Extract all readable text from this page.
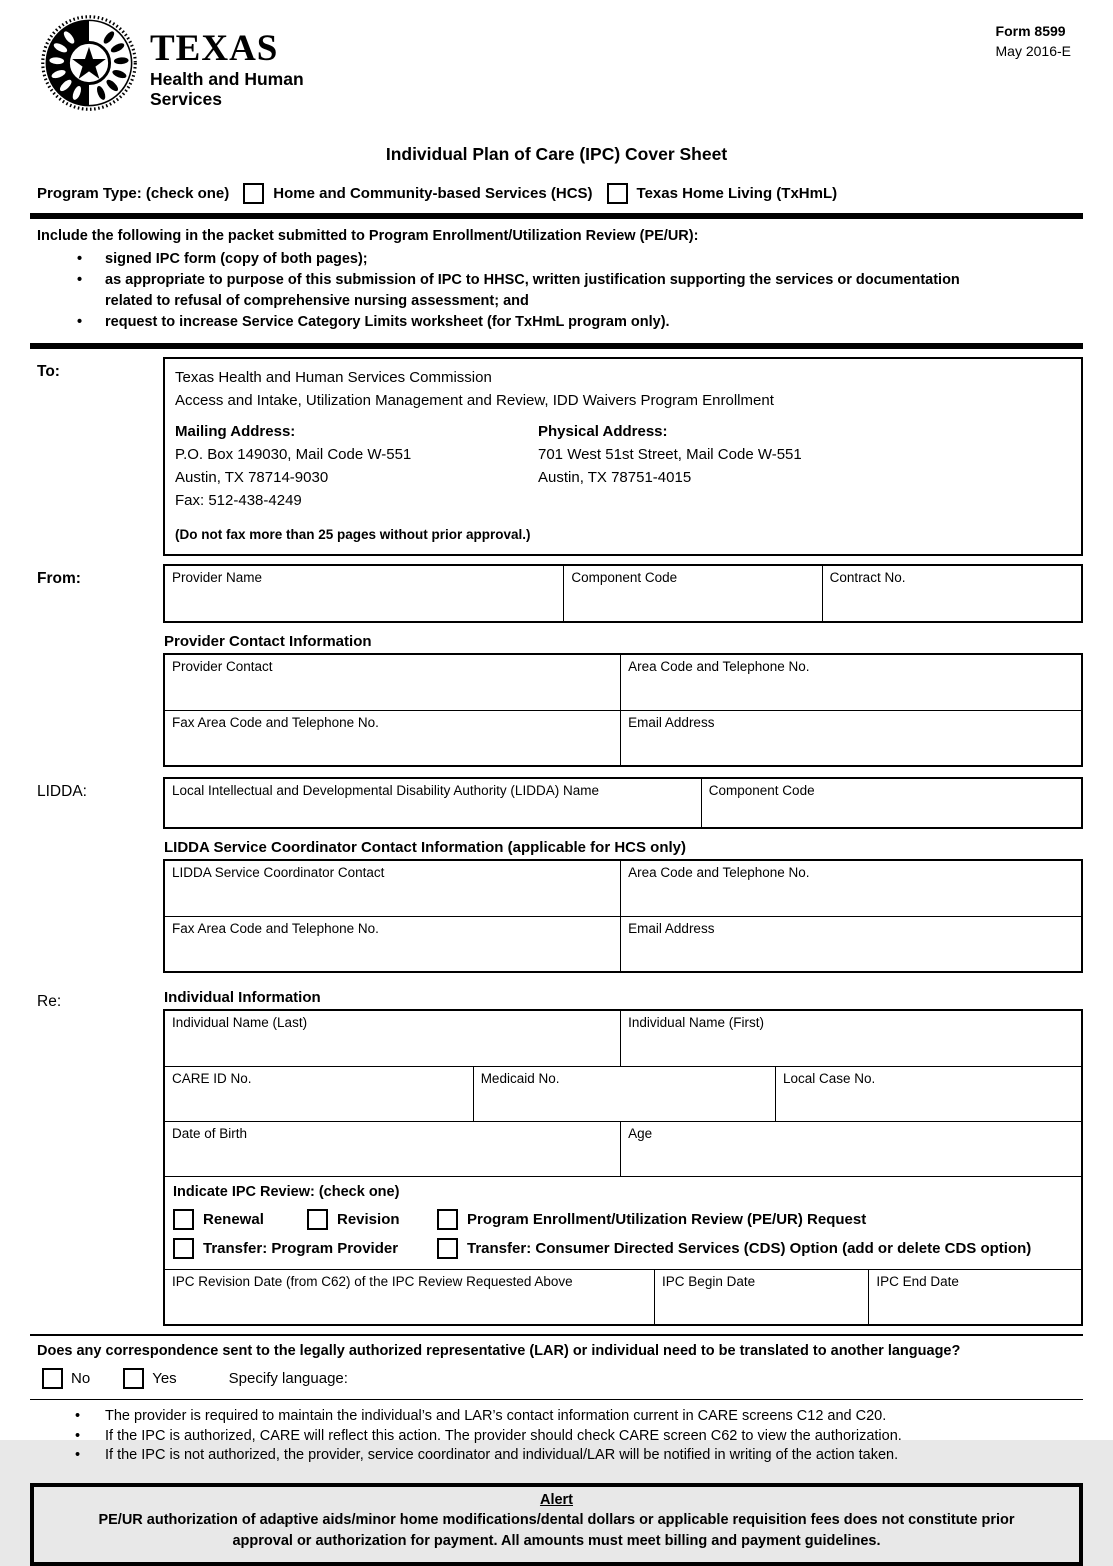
TEXAS
Health and Human
Services
Form 8599
May 2016-E
Individual Plan of Care (IPC) Cover Sheet
Program Type: (check one)	Home and Community-based Services (HCS)	Texas Home Living (TxHmL)
Include the following in the packet submitted to Program Enrollment/Utilization Review (PE/UR):
• signed IPC form (copy of both pages);
• as appropriate to purpose of this submission of IPC to HHSC, written justification supporting the services or documentation related to refusal of comprehensive nursing assessment; and
• request to increase Service Category Limits worksheet (for TxHmL program only).
To:	Texas Health and Human Services Commission
Access and Intake, Utilization Management and Review, IDD Waivers Program Enrollment
Mailing Address:
P.O. Box 149030, Mail Code W-551
Austin, TX 78714-9030
Fax: 512-438-4249
Physical Address:
701 West 51st Street, Mail Code W-551
Austin, TX 78751-4015
(Do not fax more than 25 pages without prior approval.)
From:	Provider Name	Component Code	Contract No.
Provider Contact Information
Provider Contact	Area Code and Telephone No.
Fax Area Code and Telephone No.	Email Address
LIDDA:	Local Intellectual and Developmental Disability Authority (LIDDA) Name	Component Code
LIDDA Service Coordinator Contact Information (applicable for HCS only)
LIDDA Service Coordinator Contact	Area Code and Telephone No.
Fax Area Code and Telephone No.	Email Address
Re:	Individual Information
Individual Name (Last)	Individual Name (First)
CARE ID No.	Medicaid No.	Local Case No.
Date of Birth	Age
Indicate IPC Review: (check one)
Renewal	Revision	Program Enrollment/Utilization Review (PE/UR) Request
Transfer: Program Provider	Transfer: Consumer Directed Services (CDS) Option (add or delete CDS option)
IPC Revision Date (from C62) of the IPC Review Requested Above	IPC Begin Date	IPC End Date
Does any correspondence sent to the legally authorized representative (LAR) or individual need to be translated to another language?
No	Yes	Specify language:
• The provider is required to maintain the individual’s and LAR’s contact information current in CARE screens C12 and C20.
• If the IPC is authorized, CARE will reflect this action. The provider should check CARE screen C62 to view the authorization.
• If the IPC is not authorized, the provider, service coordinator and individual/LAR will be notified in writing of the action taken.
Alert
PE/UR authorization of adaptive aids/minor home modifications/dental dollars or applicable requisition fees does not constitute prior approval or authorization for payment. All amounts must meet billing and payment guidelines.
